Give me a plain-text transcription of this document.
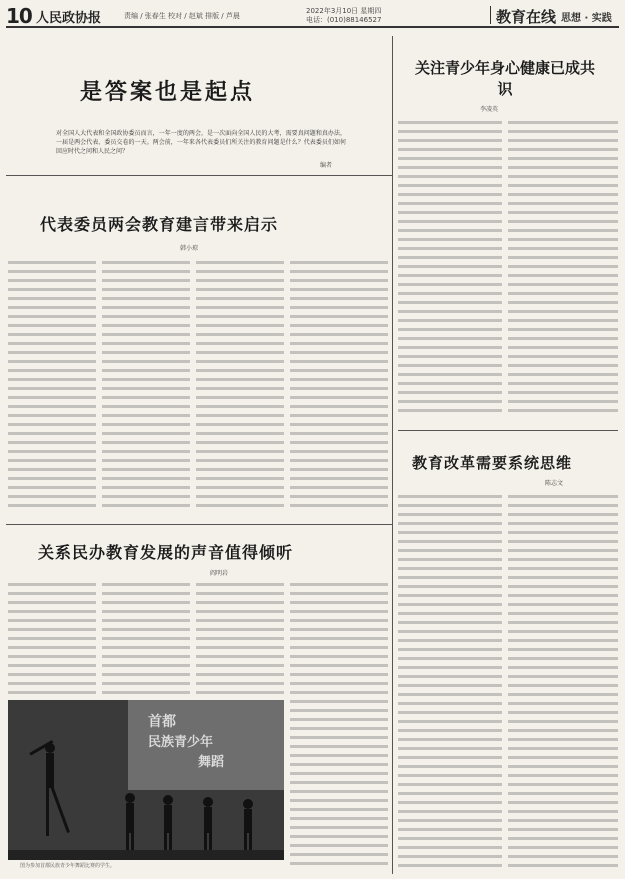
10 人民政协报	责编 / 张春生 校对 / 赵斌 排版 / 芦晨
2022年3月10日 星期四
电话：(010)88146527	教育在线 思想 · 实践
是答案也是起点
对全国人大代表和全国政协委员而言，一年一度的两会，是一次面向全国人民的大考，需要真问题和真办法，一届是两会代表、委员交卷的一天。两会前，一年来各代表委员们所关注的教育问题是什么？代表委员们如何回应时代之问和人民之问？
编者
关注青少年身心健康已成共识
李凌英
代表委员两会教育建言带来启示
韩小琼
教育改革需要系统思维
陈志文
关系民办教育发展的声音值得倾听
阎明岩
首都
民族青少年
舞蹈
图为参加首都民族青少年舞蹈比赛的学生。
